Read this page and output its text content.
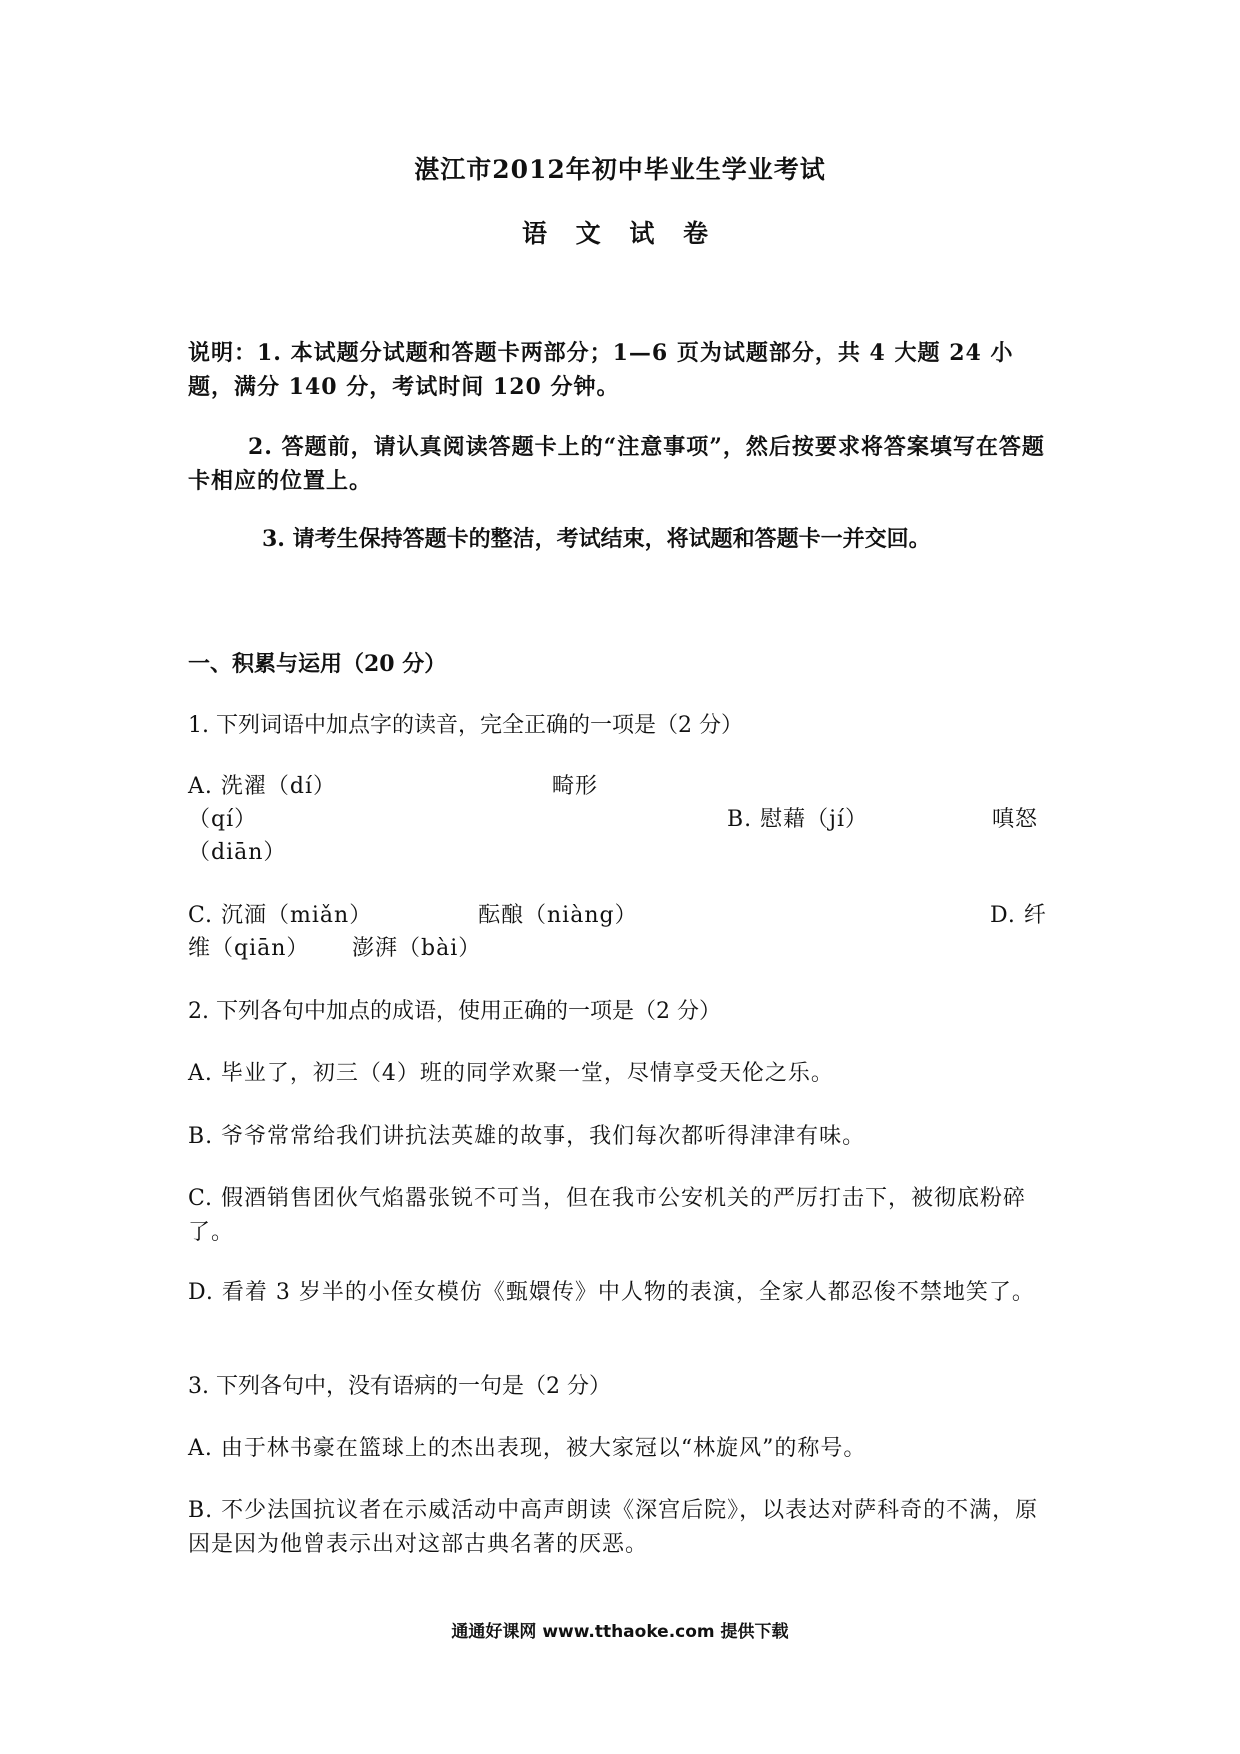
湛江市2012年初中毕业生学业考试
语 文 试 卷
说明：1. 本试题分试题和答题卡两部分；1—6 页为试题部分，共 4 大题 24 小题，满分 140 分，考试时间 120 分钟。
2. 答题前，请认真阅读答题卡上的“注意事项”，然后按要求将答案填写在答题卡相应的位置上。
3. 请考生保持答题卡的整洁，考试结束，将试题和答题卡一并交回。
一、积累与运用（20 分）
1. 下列词语中加点字的读音，完全正确的一项是（2 分）
A. 洗濯（dí）	畸形
（qí）	B. 慰藉（jí）	嗔怒
（diān）
C. 沉湎（miǎn）	酝酿（niàng）	D. 纤
维（qiān） 澎湃（bài）
2. 下列各句中加点的成语，使用正确的一项是（2 分）
A. 毕业了，初三（4）班的同学欢聚一堂，尽情享受天伦之乐。
B. 爷爷常常给我们讲抗法英雄的故事，我们每次都听得津津有味。
C. 假酒销售团伙气焰嚣张锐不可当，但在我市公安机关的严厉打击下，被彻底粉碎了。
D. 看着 3 岁半的小侄女模仿《甄嬛传》中人物的表演，全家人都忍俊不禁地笑了。
3. 下列各句中，没有语病的一句是（2 分）
A. 由于林书豪在篮球上的杰出表现，被大家冠以“林旋风”的称号。
B. 不少法国抗议者在示威活动中高声朗读《深宫后院》，以表达对萨科奇的不满，原因是因为他曾表示出对这部古典名著的厌恶。
通通好课网 www.tthaoke.com 提供下载
